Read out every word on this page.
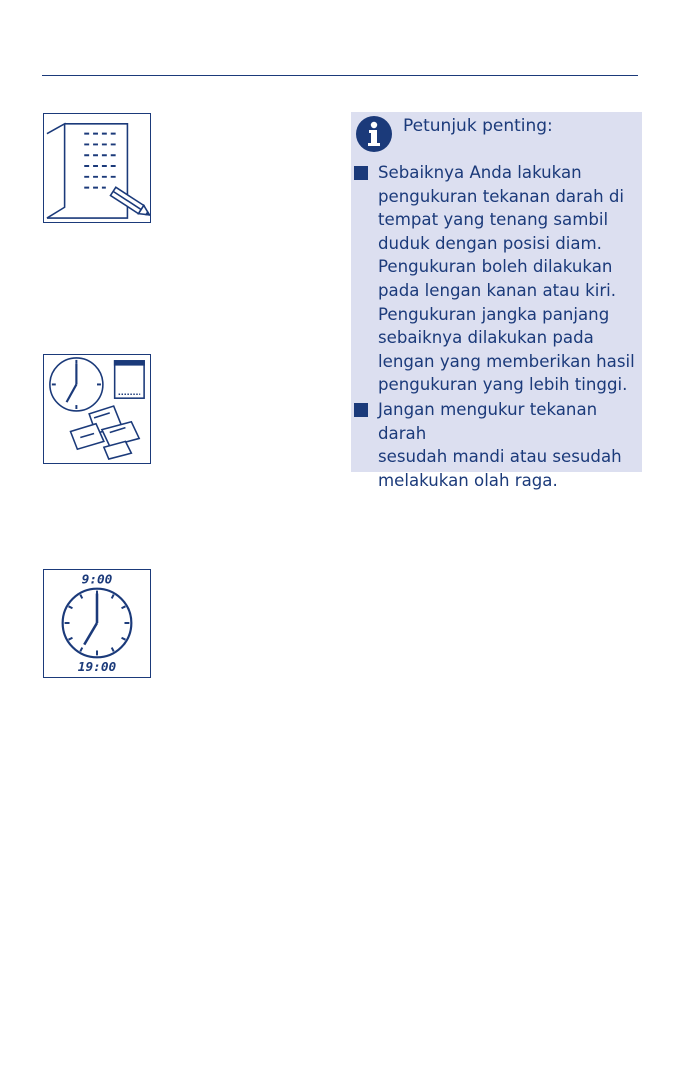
9:00
19:00
Petunjuk penting:
Sebaiknya Anda lakukan
pengukuran tekanan darah di
tempat yang tenang sambil
duduk dengan posisi diam.
Pengukuran boleh dilakukan
pada lengan kanan atau kiri.
Pengukuran jangka panjang
sebaiknya dilakukan pada
lengan yang memberikan hasil
pengukuran yang lebih tinggi.
Jangan mengukur tekanan darah
sesudah mandi atau sesudah
melakukan olah raga.
